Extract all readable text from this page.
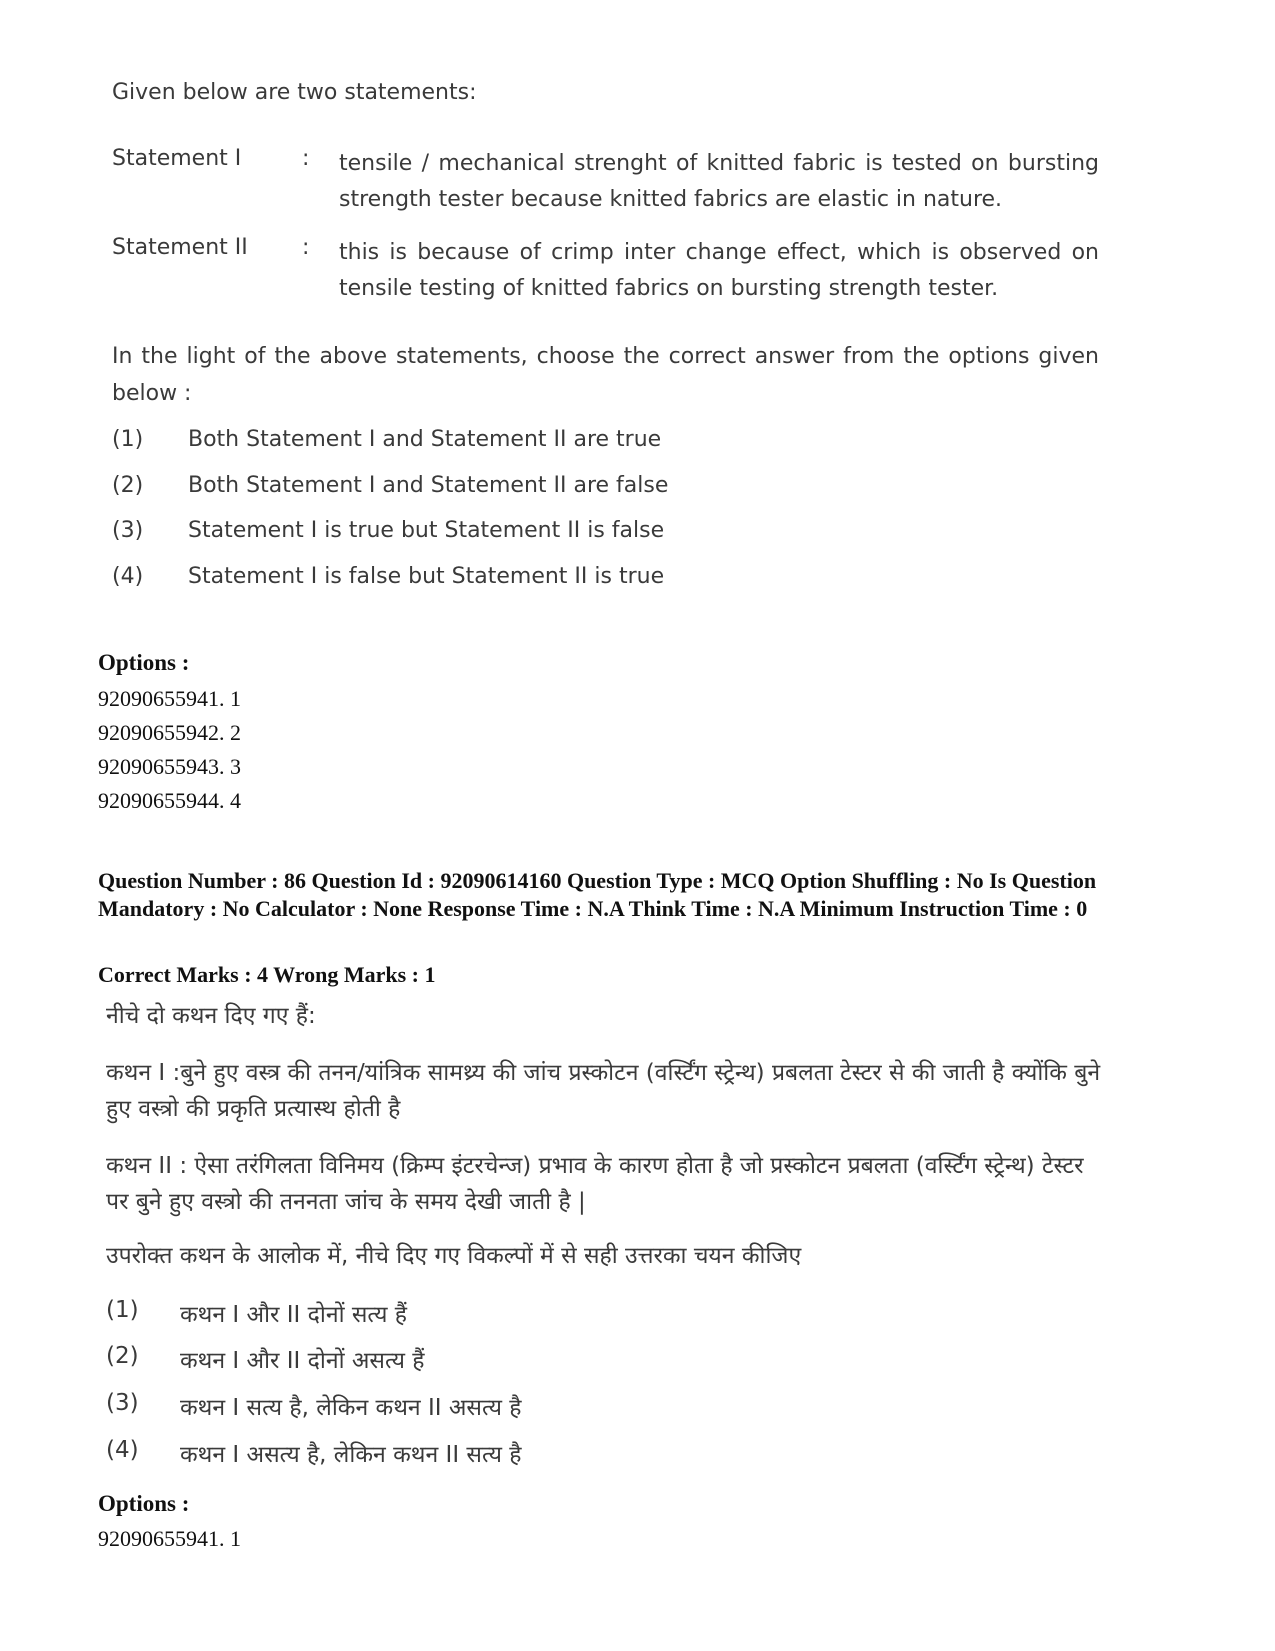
Given below are two statements:
Statement I	: tensile / mechanical strenght of knitted fabric is tested on bursting strength tester because knitted fabrics are elastic in nature.
Statement II : this is because of crimp inter change effect, which is observed on tensile testing of knitted fabrics on bursting strength tester.
In the light of the above statements, choose the correct answer from the options given below :
(1) Both Statement I and Statement II are true
(2) Both Statement I and Statement II are false
(3) Statement I is true but Statement II is false
(4) Statement I is false but Statement II is true
Options :
92090655941. 1
92090655942. 2
92090655943. 3
92090655944. 4
Question Number : 86 Question Id : 92090614160 Question Type : MCQ Option Shuffling : No Is Question Mandatory : No Calculator : None Response Time : N.A Think Time : N.A Minimum Instruction Time : 0
Correct Marks : 4 Wrong Marks : 1
नीचे दो कथन दिए गए हैं:
कथन I :बुने हुए वस्त्र की तनन/यांत्रिक सामथ्र्य की जांच प्रस्कोटन (वर्स्टिंग स्ट्रेन्थ) प्रबलता टेस्टर से की जाती है क्योंकि बुने हुए वस्त्रो की प्रकृति प्रत्यास्थ होती है
कथन II : ऐसा तरंगिलता विनिमय (क्रिम्प इंटरचेन्ज) प्रभाव के कारण होता है जो प्रस्कोटन प्रबलता (वर्स्टिंग स्ट्रेन्थ) टेस्टर पर बुने हुए वस्त्रो की तननता जांच के समय देखी जाती है |
उपरोक्त कथन के आलोक में, नीचे दिए गए विकल्पों में से सही उत्तरका चयन कीजिए
(1) कथन I और II दोनों सत्य हैं
(2) कथन I और II दोनों असत्य हैं
(3) कथन I सत्य है, लेकिन कथन II असत्य है
(4) कथन I असत्य है, लेकिन कथन II सत्य है
Options :
92090655941. 1
